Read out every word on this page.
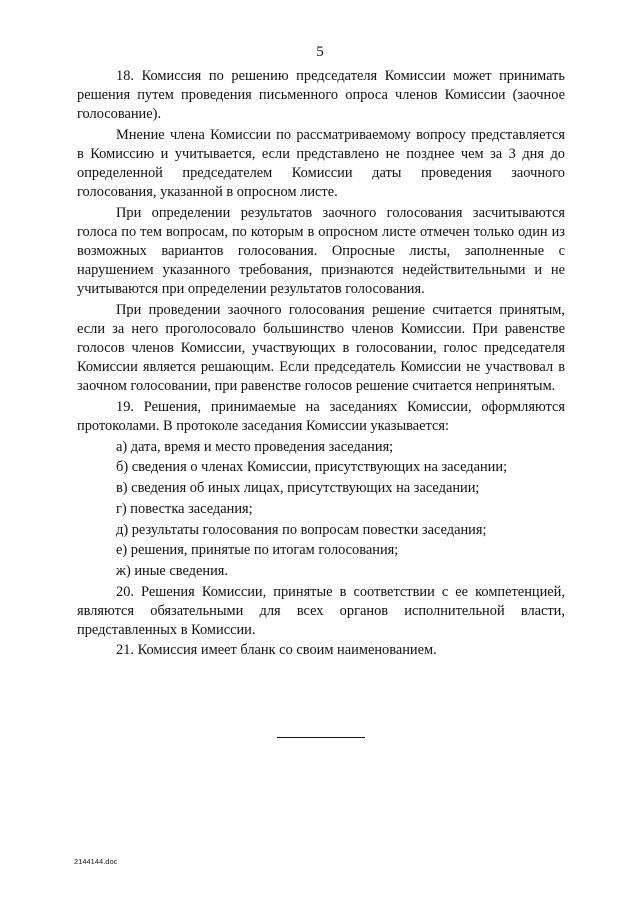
5

18. Комиссия по решению председателя Комиссии может принимать решения путем проведения письменного опроса членов Комиссии (заочное голосование).

Мнение члена Комиссии по рассматриваемому вопросу представляется в Комиссию и учитывается, если представлено не позднее чем за 3 дня до определенной председателем Комиссии даты проведения заочного голосования, указанной в опросном листе.

При определении результатов заочного голосования засчитываются голоса по тем вопросам, по которым в опросном листе отмечен только один из возможных вариантов голосования. Опросные листы, заполненные с нарушением указанного требования, признаются недействительными и не учитываются при определении результатов голосования.

При проведении заочного голосования решение считается принятым, если за него проголосовало большинство членов Комиссии. При равенстве голосов членов Комиссии, участвующих в голосовании, голос председателя Комиссии является решающим. Если председатель Комиссии не участвовал в заочном голосовании, при равенстве голосов решение считается непринятым.

19. Решения, принимаемые на заседаниях Комиссии, оформляются протоколами. В протоколе заседания Комиссии указывается:

а) дата, время и место проведения заседания;

б) сведения о членах Комиссии, присутствующих на заседании;

в) сведения об иных лицах, присутствующих на заседании;

г) повестка заседания;

д) результаты голосования по вопросам повестки заседания;

е) решения, принятые по итогам голосования;

ж) иные сведения.

20. Решения Комиссии, принятые в соответствии с ее компетенцией, являются обязательными для всех органов исполнительной власти, представленных в Комиссии.

21. Комиссия имеет бланк со своим наименованием.

2144144.doc
